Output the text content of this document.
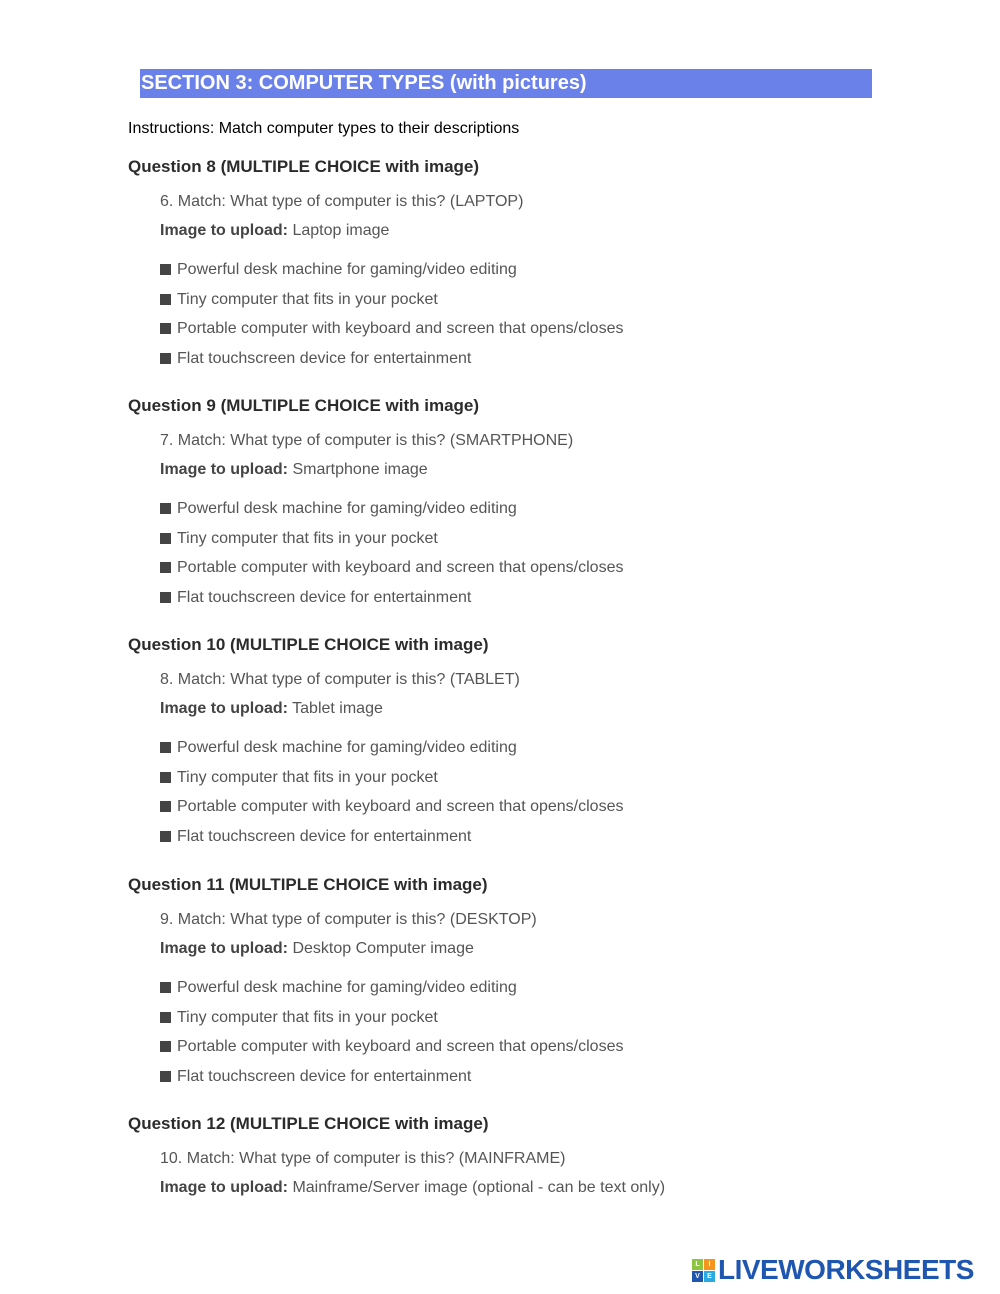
SECTION 3: COMPUTER TYPES (with pictures)
Instructions: Match computer types to their descriptions
Question 8 (MULTIPLE CHOICE with image)
6. Match: What type of computer is this? (LAPTOP)
Image to upload: Laptop image
Powerful desk machine for gaming/video editing
Tiny computer that fits in your pocket
Portable computer with keyboard and screen that opens/closes
Flat touchscreen device for entertainment
Question 9 (MULTIPLE CHOICE with image)
7. Match: What type of computer is this? (SMARTPHONE)
Image to upload: Smartphone image
Powerful desk machine for gaming/video editing
Tiny computer that fits in your pocket
Portable computer with keyboard and screen that opens/closes
Flat touchscreen device for entertainment
Question 10 (MULTIPLE CHOICE with image)
8. Match: What type of computer is this? (TABLET)
Image to upload: Tablet image
Powerful desk machine for gaming/video editing
Tiny computer that fits in your pocket
Portable computer with keyboard and screen that opens/closes
Flat touchscreen device for entertainment
Question 11 (MULTIPLE CHOICE with image)
9. Match: What type of computer is this? (DESKTOP)
Image to upload: Desktop Computer image
Powerful desk machine for gaming/video editing
Tiny computer that fits in your pocket
Portable computer with keyboard and screen that opens/closes
Flat touchscreen device for entertainment
Question 12 (MULTIPLE CHOICE with image)
10. Match: What type of computer is this? (MAINFRAME)
Image to upload: Mainframe/Server image (optional - can be text only)
L	I
V	E LIVEWORKSHEETS
